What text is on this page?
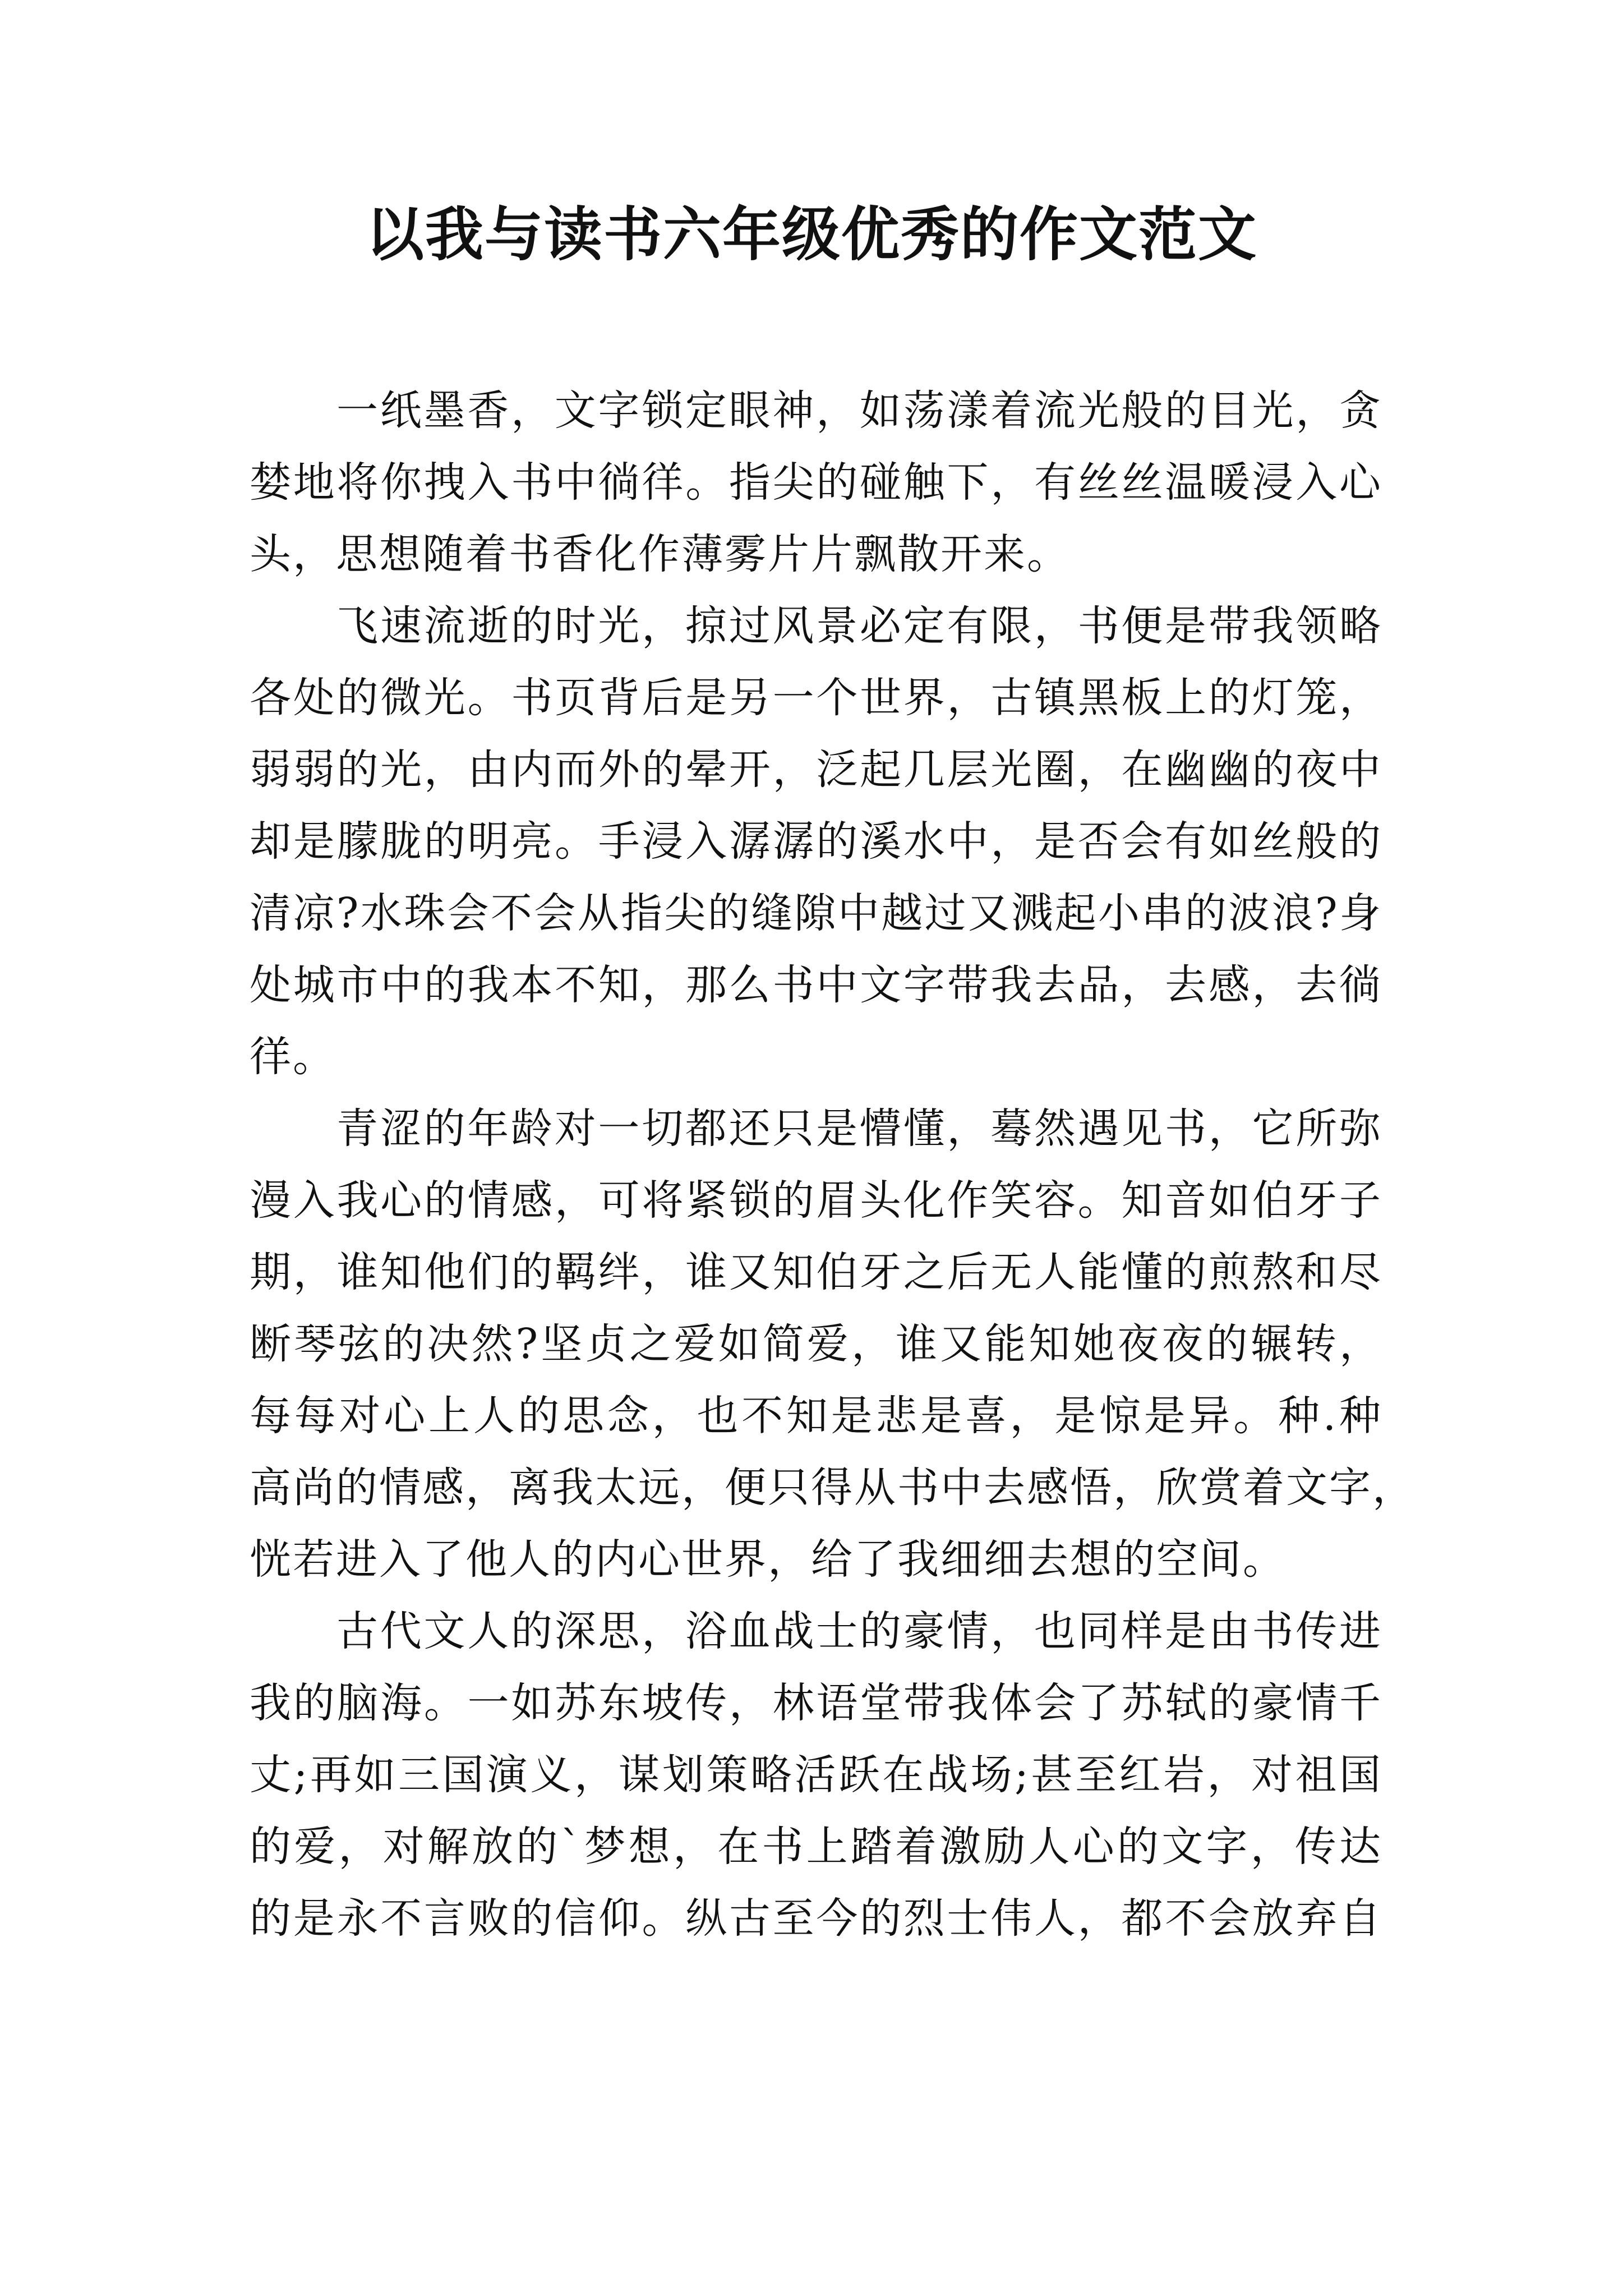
以我与读书六年级优秀的作文范文
一纸墨香，文字锁定眼神，如荡漾着流光般的目光，贪
婪地将你拽入书中徜徉。指尖的碰触下，有丝丝温暖浸入心
头，思想随着书香化作薄雾片片飘散开来。
飞速流逝的时光，掠过风景必定有限，书便是带我领略
各处的微光。书页背后是另一个世界，古镇黑板上的灯笼，
弱弱的光，由内而外的晕开，泛起几层光圈，在幽幽的夜中
却是朦胧的明亮。手浸入潺潺的溪水中，是否会有如丝般的
清凉?水珠会不会从指尖的缝隙中越过又溅起小串的波浪?身
处城市中的我本不知，那么书中文字带我去品，去感，去徜
徉。
青涩的年龄对一切都还只是懵懂，蓦然遇见书，它所弥
漫入我心的情感，可将紧锁的眉头化作笑容。知音如伯牙子
期，谁知他们的羁绊，谁又知伯牙之后无人能懂的煎熬和尽
断琴弦的决然?坚贞之爱如简爱，谁又能知她夜夜的辗转，
每每对心上人的思念，也不知是悲是喜，是惊是异。种.种
高尚的情感，离我太远，便只得从书中去感悟，欣赏着文字，
恍若进入了他人的内心世界，给了我细细去想的空间。
古代文人的深思，浴血战士的豪情，也同样是由书传进
我的脑海。一如苏东坡传，林语堂带我体会了苏轼的豪情千
丈;再如三国演义，谋划策略活跃在战场;甚至红岩，对祖国
的爱，对解放的`梦想，在书上踏着激励人心的文字，传达
的是永不言败的信仰。纵古至今的烈士伟人，都不会放弃自
